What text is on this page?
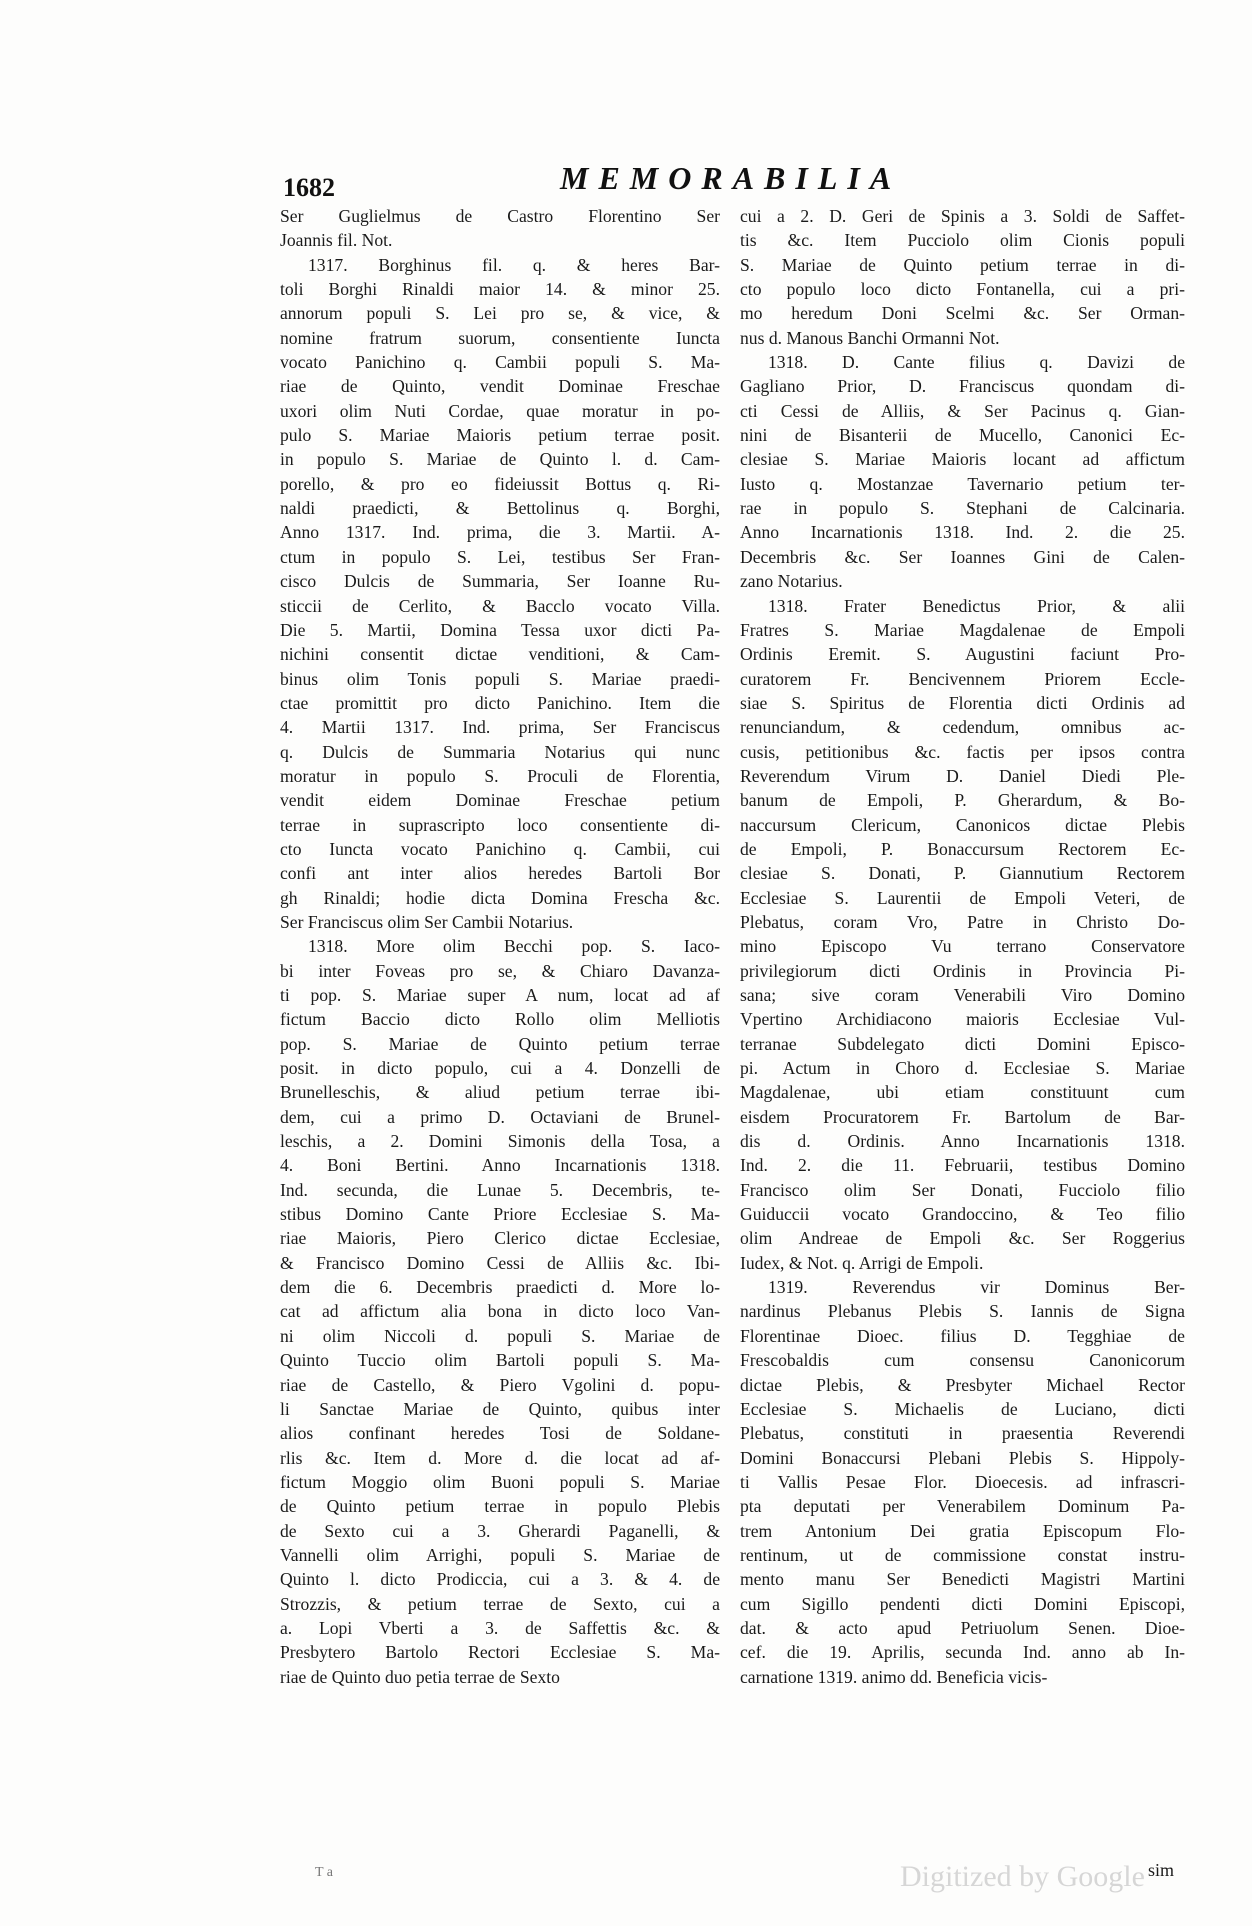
1682	MEMORABILIA
Ser Guglielmus de Castro Florentino Ser
Joannis fil. Not.
1317. Borghinus fil. q. & heres Bar-
toli Borghi Rinaldi maior 14. & minor 25.
annorum populi S. Lei pro se, & vice, &
nomine fratrum suorum, consentiente Iuncta
vocato Panichino q. Cambii populi S. Ma-
riae de Quinto, vendit Dominae Freschae
uxori olim Nuti Cordae, quae moratur in po-
pulo S. Mariae Maioris petium terrae posit.
in populo S. Mariae de Quinto l. d. Cam-
porello, & pro eo fideiussit Bottus q. Ri-
naldi praedicti, & Bettolinus q. Borghi,
Anno 1317. Ind. prima, die 3. Martii. A-
ctum in populo S. Lei, testibus Ser Fran-
cisco Dulcis de Summaria, Ser Ioanne Ru-
sticcii de Cerlito, & Bacclo vocato Villa.
Die 5. Martii, Domina Tessa uxor dicti Pa-
nichini consentit dictae venditioni, & Cam-
binus olim Tonis populi S. Mariae praedi-
ctae promittit pro dicto Panichino. Item die
4. Martii 1317. Ind. prima, Ser Franciscus
q. Dulcis de Summaria Notarius qui nunc
moratur in populo S. Proculi de Florentia,
vendit eidem Dominae Freschae petium
terrae in suprascripto loco consentiente di-
cto Iuncta vocato Panichino q. Cambii, cui
confi ant inter alios heredes Bartoli Bor
gh Rinaldi; hodie dicta Domina Frescha &c.
Ser Franciscus olim Ser Cambii Notarius.
1318. More olim Becchi pop. S. Iaco-
bi inter Foveas pro se, & Chiaro Davanza-
ti pop. S. Mariae super A num, locat ad af
fictum Baccio dicto Rollo olim Melliotis
pop. S. Mariae de Quinto petium terrae
posit. in dicto populo, cui a 4. Donzelli de
Brunelleschis, & aliud petium terrae ibi-
dem, cui a primo D. Octaviani de Brunel-
leschis, a 2. Domini Simonis della Tosa, a
4. Boni Bertini. Anno Incarnationis 1318.
Ind. secunda, die Lunae 5. Decembris, te-
stibus Domino Cante Priore Ecclesiae S. Ma-
riae Maioris, Piero Clerico dictae Ecclesiae,
& Francisco Domino Cessi de Alliis &c. Ibi-
dem die 6. Decembris praedicti d. More lo-
cat ad affictum alia bona in dicto loco Van-
ni olim Niccoli d. populi S. Mariae de
Quinto Tuccio olim Bartoli populi S. Ma-
riae de Castello, & Piero Vgolini d. popu-
li Sanctae Mariae de Quinto, quibus inter
alios confinant heredes Tosi de Soldane-
rlis &c. Item d. More d. die locat ad af-
fictum Moggio olim Buoni populi S. Mariae
de Quinto petium terrae in populo Plebis
de Sexto cui a 3. Gherardi Paganelli, &
Vannelli olim Arrighi, populi S. Mariae de
Quinto l. dicto Prodiccia, cui a 3. & 4. de
Strozzis, & petium terrae de Sexto, cui a
a. Lopi Vberti a 3. de Saffettis &c. &
Presbytero Bartolo Rectori Ecclesiae S. Ma-
riae de Quinto duo petia terrae de Sexto
cui a 2. D. Geri de Spinis a 3. Soldi de Saffet-
tis &c. Item Pucciolo olim Cionis populi
S. Mariae de Quinto petium terrae in di-
cto populo loco dicto Fontanella, cui a pri-
mo heredum Doni Scelmi &c. Ser Orman-
nus d. Manous Banchi Ormanni Not.
1318. D. Cante filius q. Davizi de
Gagliano Prior, D. Franciscus quondam di-
cti Cessi de Alliis, & Ser Pacinus q. Gian-
nini de Bisanterii de Mucello, Canonici Ec-
clesiae S. Mariae Maioris locant ad affictum
Iusto q. Mostanzae Tavernario petium ter-
rae in populo S. Stephani de Calcinaria.
Anno Incarnationis 1318. Ind. 2. die 25.
Decembris &c. Ser Ioannes Gini de Calen-
zano Notarius.
1318. Frater Benedictus Prior, & alii
Fratres S. Mariae Magdalenae de Empoli
Ordinis Eremit. S. Augustini faciunt Pro-
curatorem Fr. Bencivennem Priorem Eccle-
siae S. Spiritus de Florentia dicti Ordinis ad
renunciandum, & cedendum, omnibus ac-
cusis, petitionibus &c. factis per ipsos contra
Reverendum Virum D. Daniel Diedi Ple-
banum de Empoli, P. Gherardum, & Bo-
naccursum Clericum, Canonicos dictae Plebis
de Empoli, P. Bonaccursum Rectorem Ec-
clesiae S. Donati, P. Giannutium Rectorem
Ecclesiae S. Laurentii de Empoli Veteri, de
Plebatus, coram Vro, Patre in Christo Do-
mino Episcopo Vu terrano Conservatore
privilegiorum dicti Ordinis in Provincia Pi-
sana; sive coram Venerabili Viro Domino
Vpertino Archidiacono maioris Ecclesiae Vul-
terranae Subdelegato dicti Domini Episco-
pi. Actum in Choro d. Ecclesiae S. Mariae
Magdalenae, ubi etiam constituunt cum
eisdem Procuratorem Fr. Bartolum de Bar-
dis d. Ordinis. Anno Incarnationis 1318.
Ind. 2. die 11. Februarii, testibus Domino
Francisco olim Ser Donati, Fucciolo filio
Guiduccii vocato Grandoccino, & Teo filio
olim Andreae de Empoli &c. Ser Roggerius
Iudex, & Not. q. Arrigi de Empoli.
1319. Reverendus vir Dominus Ber-
nardinus Plebanus Plebis S. Iannis de Signa
Florentinae Dioec. filius D. Tegghiae de
Frescobaldis cum consensu Canonicorum
dictae Plebis, & Presbyter Michael Rector
Ecclesiae S. Michaelis de Luciano, dicti
Plebatus, constituti in praesentia Reverendi
Domini Bonaccursi Plebani Plebis S. Hippoly-
ti Vallis Pesae Flor. Dioecesis. ad infrascri-
pta deputati per Venerabilem Dominum Pa-
trem Antonium Dei gratia Episcopum Flo-
rentinum, ut de commissione constat instru-
mento manu Ser Benedicti Magistri Martini
cum Sigillo pendenti dicti Domini Episcopi,
dat. & acto apud Petriuolum Senen. Dioe-
cef. die 19. Aprilis, secunda Ind. anno ab In-
carnatione 1319. animo dd. Beneficia vicis-
T a	sim
Digitized by Google
